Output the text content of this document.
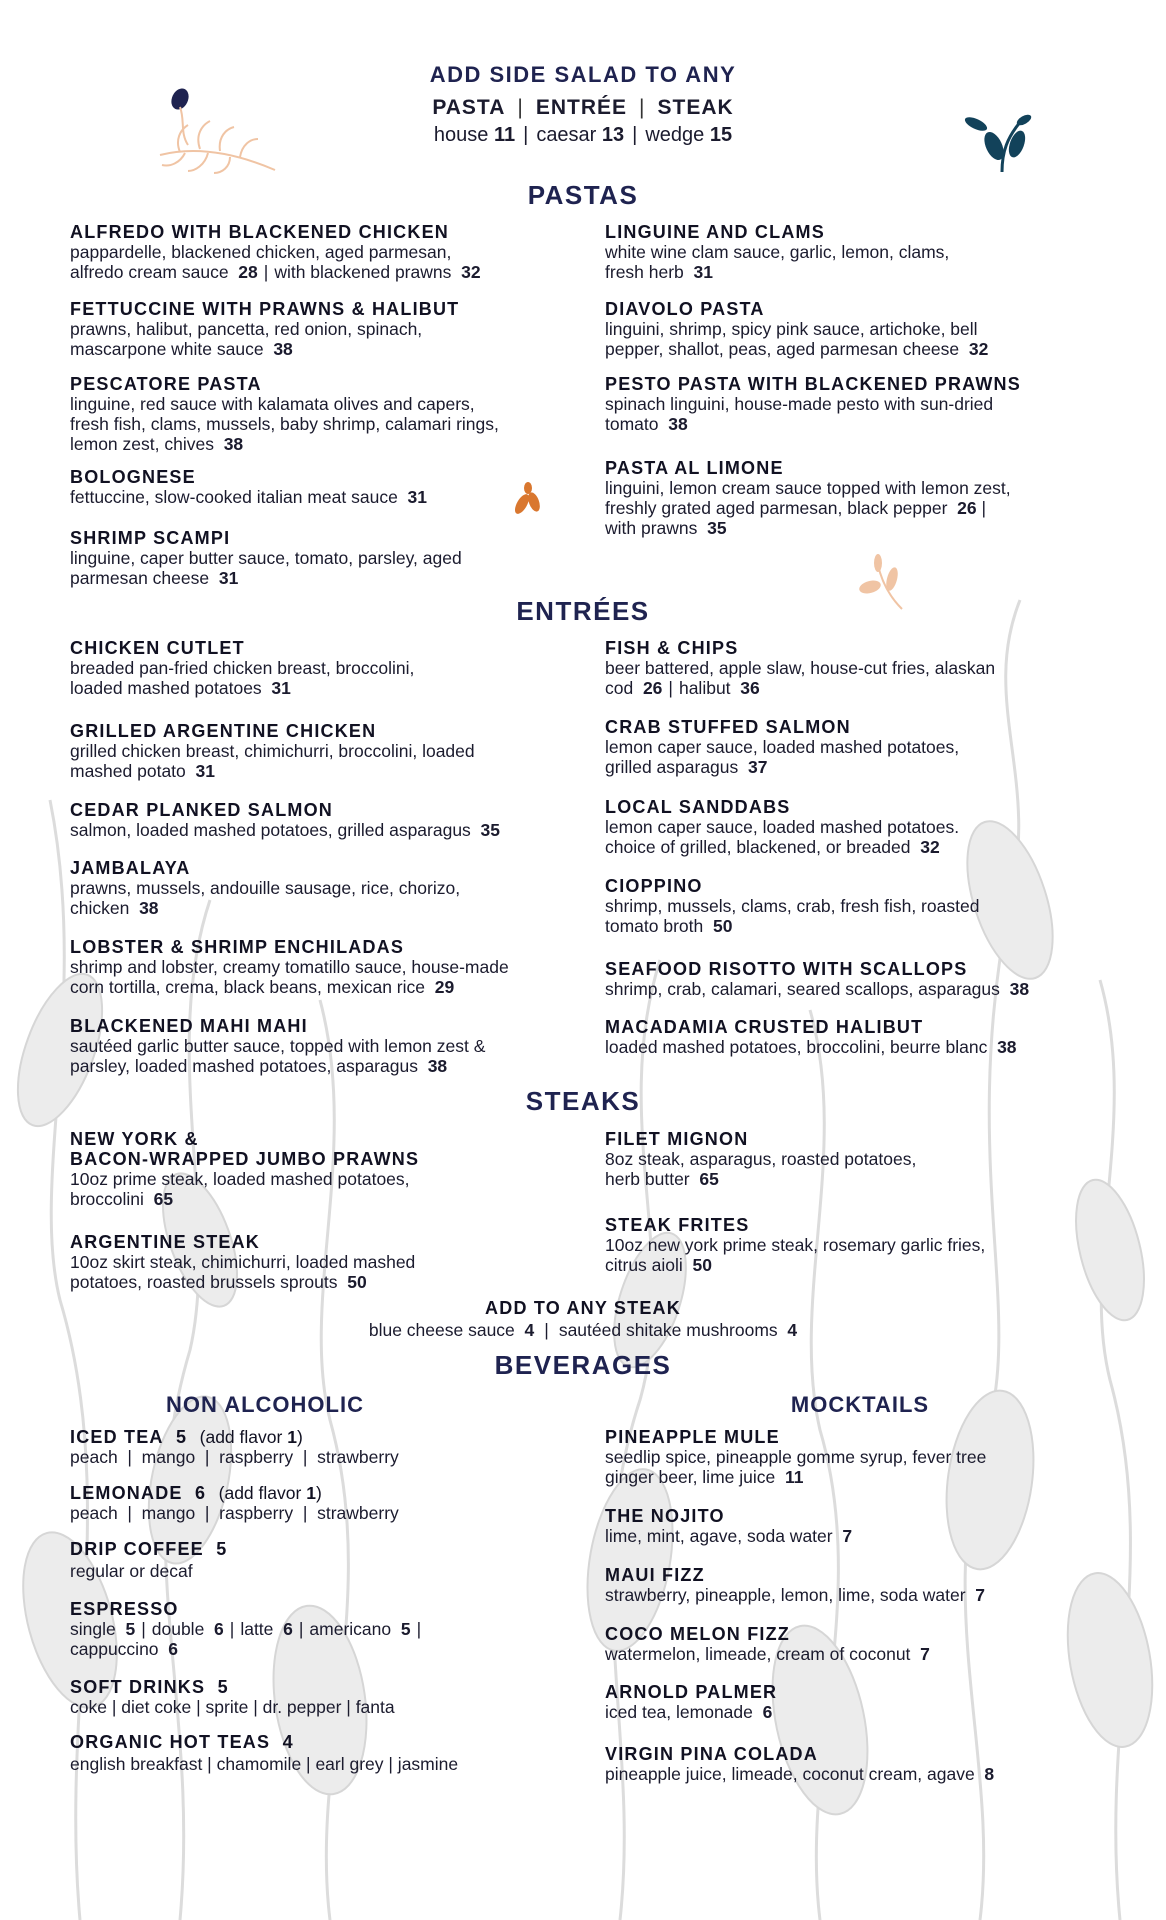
ADD SIDE SALAD TO ANY
PASTA | ENTRÉE | STEAK
house 11 | caesar 13 | wedge 15
PASTAS
ALFREDO WITH BLACKENED CHICKEN
pappardelle, blackened chicken, aged parmesan,
alfredo cream sauce 28 | with blackened prawns 32
FETTUCCINE WITH PRAWNS & HALIBUT
prawns, halibut, pancetta, red onion, spinach,
mascarpone white sauce 38
PESCATORE PASTA
linguine, red sauce with kalamata olives and capers,
fresh fish, clams, mussels, baby shrimp, calamari rings,
lemon zest, chives 38
BOLOGNESE
fettuccine, slow-cooked italian meat sauce 31
SHRIMP SCAMPI
linguine, caper butter sauce, tomato, parsley, aged
parmesan cheese 31
LINGUINE AND CLAMS
white wine clam sauce, garlic, lemon, clams,
fresh herb 31
DIAVOLO PASTA
linguini, shrimp, spicy pink sauce, artichoke, bell
pepper, shallot, peas, aged parmesan cheese 32
PESTO PASTA WITH BLACKENED PRAWNS
spinach linguini, house-made pesto with sun-dried
tomato 38
PASTA AL LIMONE
linguini, lemon cream sauce topped with lemon zest,
freshly grated aged parmesan, black pepper 26 |
with prawns 35
ENTRÉES
CHICKEN CUTLET
breaded pan-fried chicken breast, broccolini,
loaded mashed potatoes 31
GRILLED ARGENTINE CHICKEN
grilled chicken breast, chimichurri, broccolini, loaded
mashed potato 31
CEDAR PLANKED SALMON
salmon, loaded mashed potatoes, grilled asparagus 35
JAMBALAYA
prawns, mussels, andouille sausage, rice, chorizo,
chicken 38
LOBSTER & SHRIMP ENCHILADAS
shrimp and lobster, creamy tomatillo sauce, house-made
corn tortilla, crema, black beans, mexican rice 29
BLACKENED MAHI MAHI
sautéed garlic butter sauce, topped with lemon zest &
parsley, loaded mashed potatoes, asparagus 38
FISH & CHIPS
beer battered, apple slaw, house-cut fries, alaskan
cod 26 | halibut 36
CRAB STUFFED SALMON
lemon caper sauce, loaded mashed potatoes,
grilled asparagus 37
LOCAL SANDDABS
lemon caper sauce, loaded mashed potatoes.
choice of grilled, blackened, or breaded 32
CIOPPINO
shrimp, mussels, clams, crab, fresh fish, roasted
tomato broth 50
SEAFOOD RISOTTO WITH SCALLOPS
shrimp, crab, calamari, seared scallops, asparagus 38
MACADAMIA CRUSTED HALIBUT
loaded mashed potatoes, broccolini, beurre blanc 38
STEAKS
NEW YORK &
BACON-WRAPPED JUMBO PRAWNS
10oz prime steak, loaded mashed potatoes,
broccolini 65
ARGENTINE STEAK
10oz skirt steak, chimichurri, loaded mashed
potatoes, roasted brussels sprouts 50
FILET MIGNON
8oz steak, asparagus, roasted potatoes,
herb butter 65
STEAK FRITES
10oz new york prime steak, rosemary garlic fries,
citrus aioli 50
ADD TO ANY STEAK
blue cheese sauce 4 | sautéed shitake mushrooms 4
BEVERAGES
NON ALCOHOLIC	MOCKTAILS
ICED TEA 5 (add flavor 1)
peach  |  mango  |  raspberry  |  strawberry
LEMONADE 6 (add flavor 1)
peach  |  mango  |  raspberry  |  strawberry
DRIP COFFEE 5
regular or decaf
ESPRESSO
single 5 | double 6 | latte 6 | americano 5 |
cappuccino 6
SOFT DRINKS 5
coke | diet coke | sprite | dr. pepper | fanta
ORGANIC HOT TEAS 4
english breakfast | chamomile | earl grey | jasmine
PINEAPPLE MULE
seedlip spice, pineapple gomme syrup, fever tree
ginger beer, lime juice 11
THE NOJITO
lime, mint, agave, soda water 7
MAUI FIZZ
strawberry, pineapple, lemon, lime, soda water 7
COCO MELON FIZZ
watermelon, limeade, cream of coconut 7
ARNOLD PALMER
iced tea, lemonade 6
VIRGIN PINA COLADA
pineapple juice, limeade, coconut cream, agave 8
